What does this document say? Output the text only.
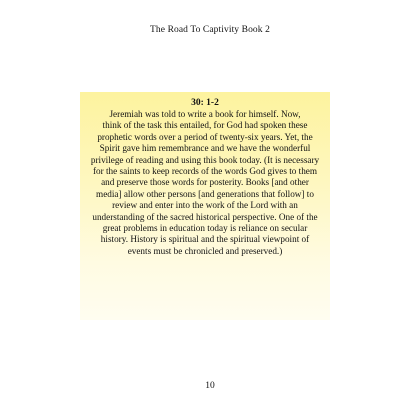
The Road To Captivity Book 2
30: 1-2
Jeremiah was told to write a book for himself. Now,
think of the task this entailed, for God had spoken these
prophetic words over a period of twenty-six years. Yet, the
Spirit gave him remembrance and we have the wonderful
privilege of reading and using this book today. (It is necessary
for the saints to keep records of the words God gives to them
and preserve those words for posterity. Books [and other
media] allow other persons [and generations that follow] to
review and enter into the work of the Lord with an
understanding of the sacred historical perspective. One of the
great problems in education today is reliance on secular
history. History is spiritual and the spiritual viewpoint of
events must be chronicled and preserved.)
10
